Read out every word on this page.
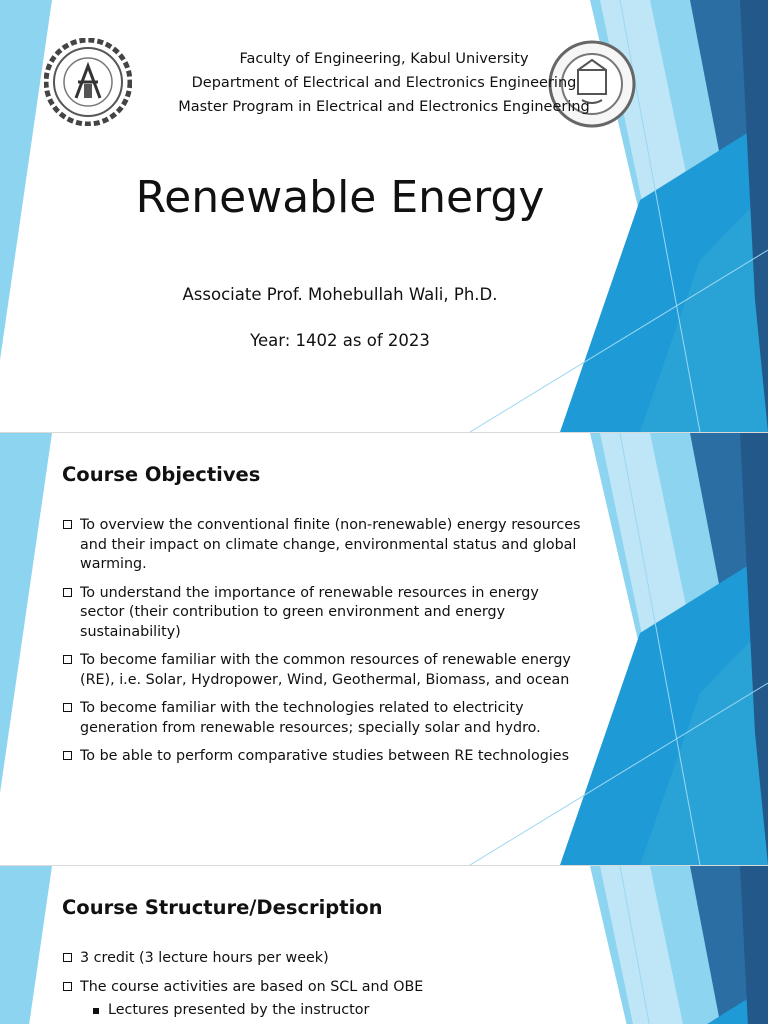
Faculty of Engineering, Kabul University
Department of Electrical and Electronics Engineering
Master Program in Electrical and Electronics Engineering
Renewable Energy
Associate Prof. Mohebullah Wali, Ph.D.
Year: 1402 as of 2023
Course Objectives
To overview the conventional finite (non-renewable) energy resources and their impact on climate change, environmental status and global warming.
To understand the importance of renewable resources in energy sector (their contribution to green environment and energy sustainability)
To become familiar with the common resources of renewable energy (RE), i.e. Solar, Hydropower, Wind, Geothermal, Biomass, and ocean
To become familiar with the technologies related to electricity generation from renewable resources; specially solar and hydro.
To be able to perform comparative studies between RE technologies
Course Structure/Description
3 credit (3 lecture hours per week)
The course activities are based on SCL and OBE
Lectures presented by the instructor
